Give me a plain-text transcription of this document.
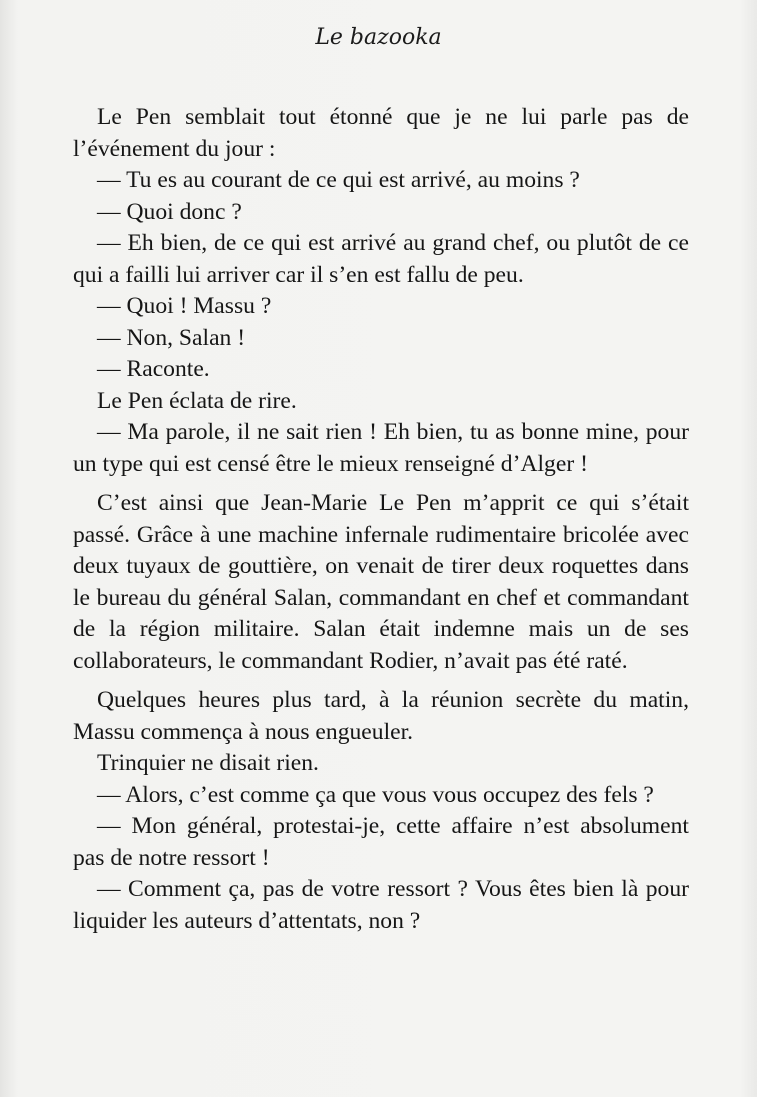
Le bazooka

Le Pen semblait tout étonné que je ne lui parle pas de l’événement du jour :

— Tu es au courant de ce qui est arrivé, au moins ?

— Quoi donc ?

— Eh bien, de ce qui est arrivé au grand chef, ou plutôt de ce qui a failli lui arriver car il s’en est fallu de peu.

— Quoi ! Massu ?

— Non, Salan !

— Raconte.

Le Pen éclata de rire.

— Ma parole, il ne sait rien ! Eh bien, tu as bonne mine, pour un type qui est censé être le mieux renseigné d’Alger !

C’est ainsi que Jean-Marie Le Pen m’apprit ce qui s’était passé. Grâce à une machine infernale rudimentaire bricolée avec deux tuyaux de gouttière, on venait de tirer deux roquettes dans le bureau du général Salan, commandant en chef et commandant de la région militaire. Salan était indemne mais un de ses collaborateurs, le commandant Rodier, n’avait pas été raté.

Quelques heures plus tard, à la réunion secrète du matin, Massu commença à nous engueuler.

Trinquier ne disait rien.

— Alors, c’est comme ça que vous vous occupez des fels ?

— Mon général, protestai-je, cette affaire n’est absolument pas de notre ressort !

— Comment ça, pas de votre ressort ? Vous êtes bien là pour liquider les auteurs d’attentats, non ?
